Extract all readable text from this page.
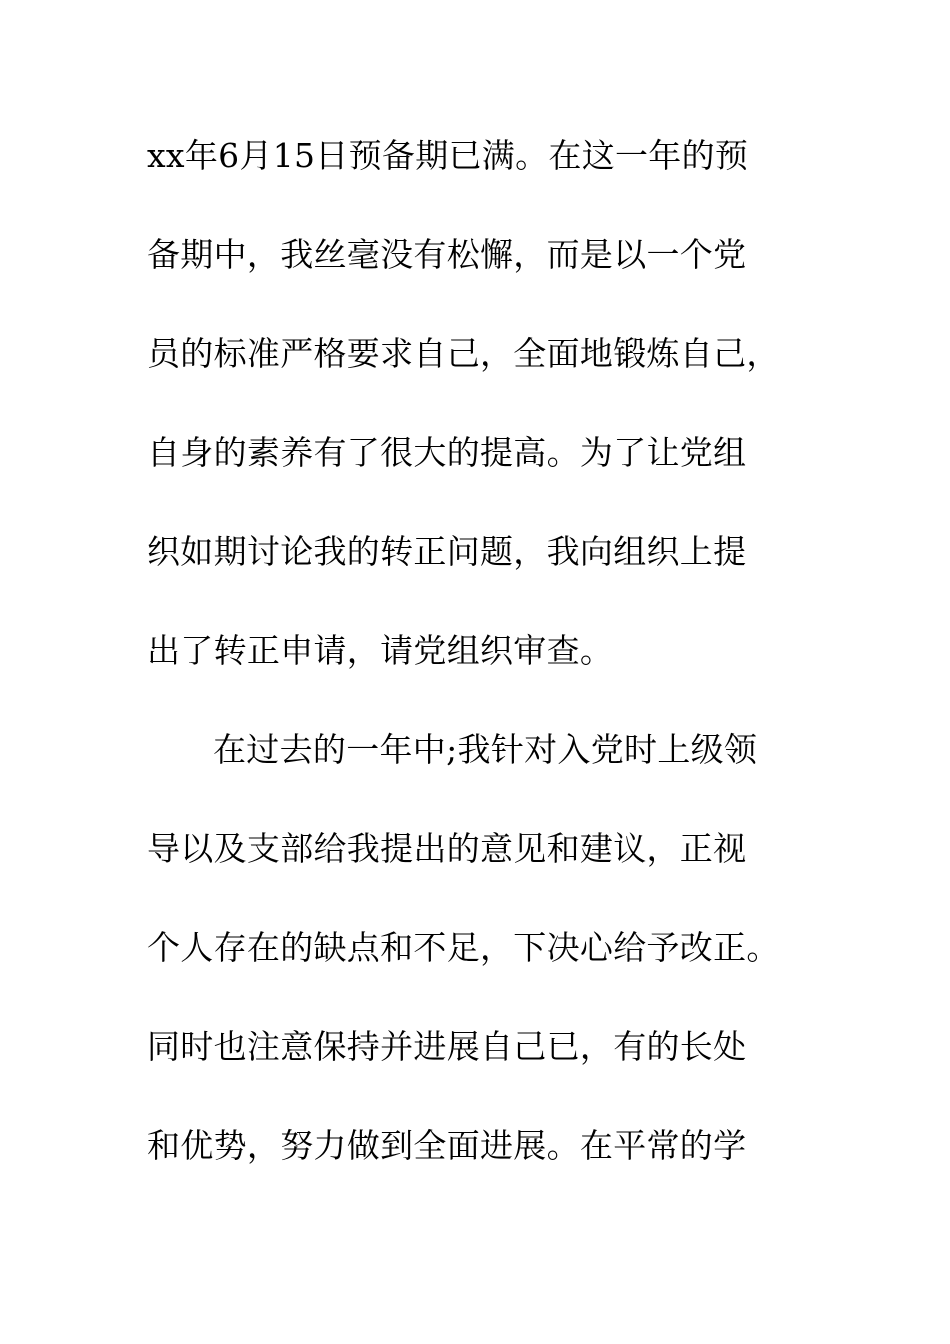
xx年6月15日预备期已满。在这一年的预
备期中，我丝毫没有松懈，而是以一个党
员的标准严格要求自己，全面地锻炼自己，
自身的素养有了很大的提高。为了让党组
织如期讨论我的转正问题，我向组织上提
出了转正申请，请党组织审查。
在过去的一年中;我针对入党时上级领
导以及支部给我提出的意见和建议，正视
个人存在的缺点和不足，下决心给予改正。
同时也注意保持并进展自己已，有的长处
和优势，努力做到全面进展。在平常的学
